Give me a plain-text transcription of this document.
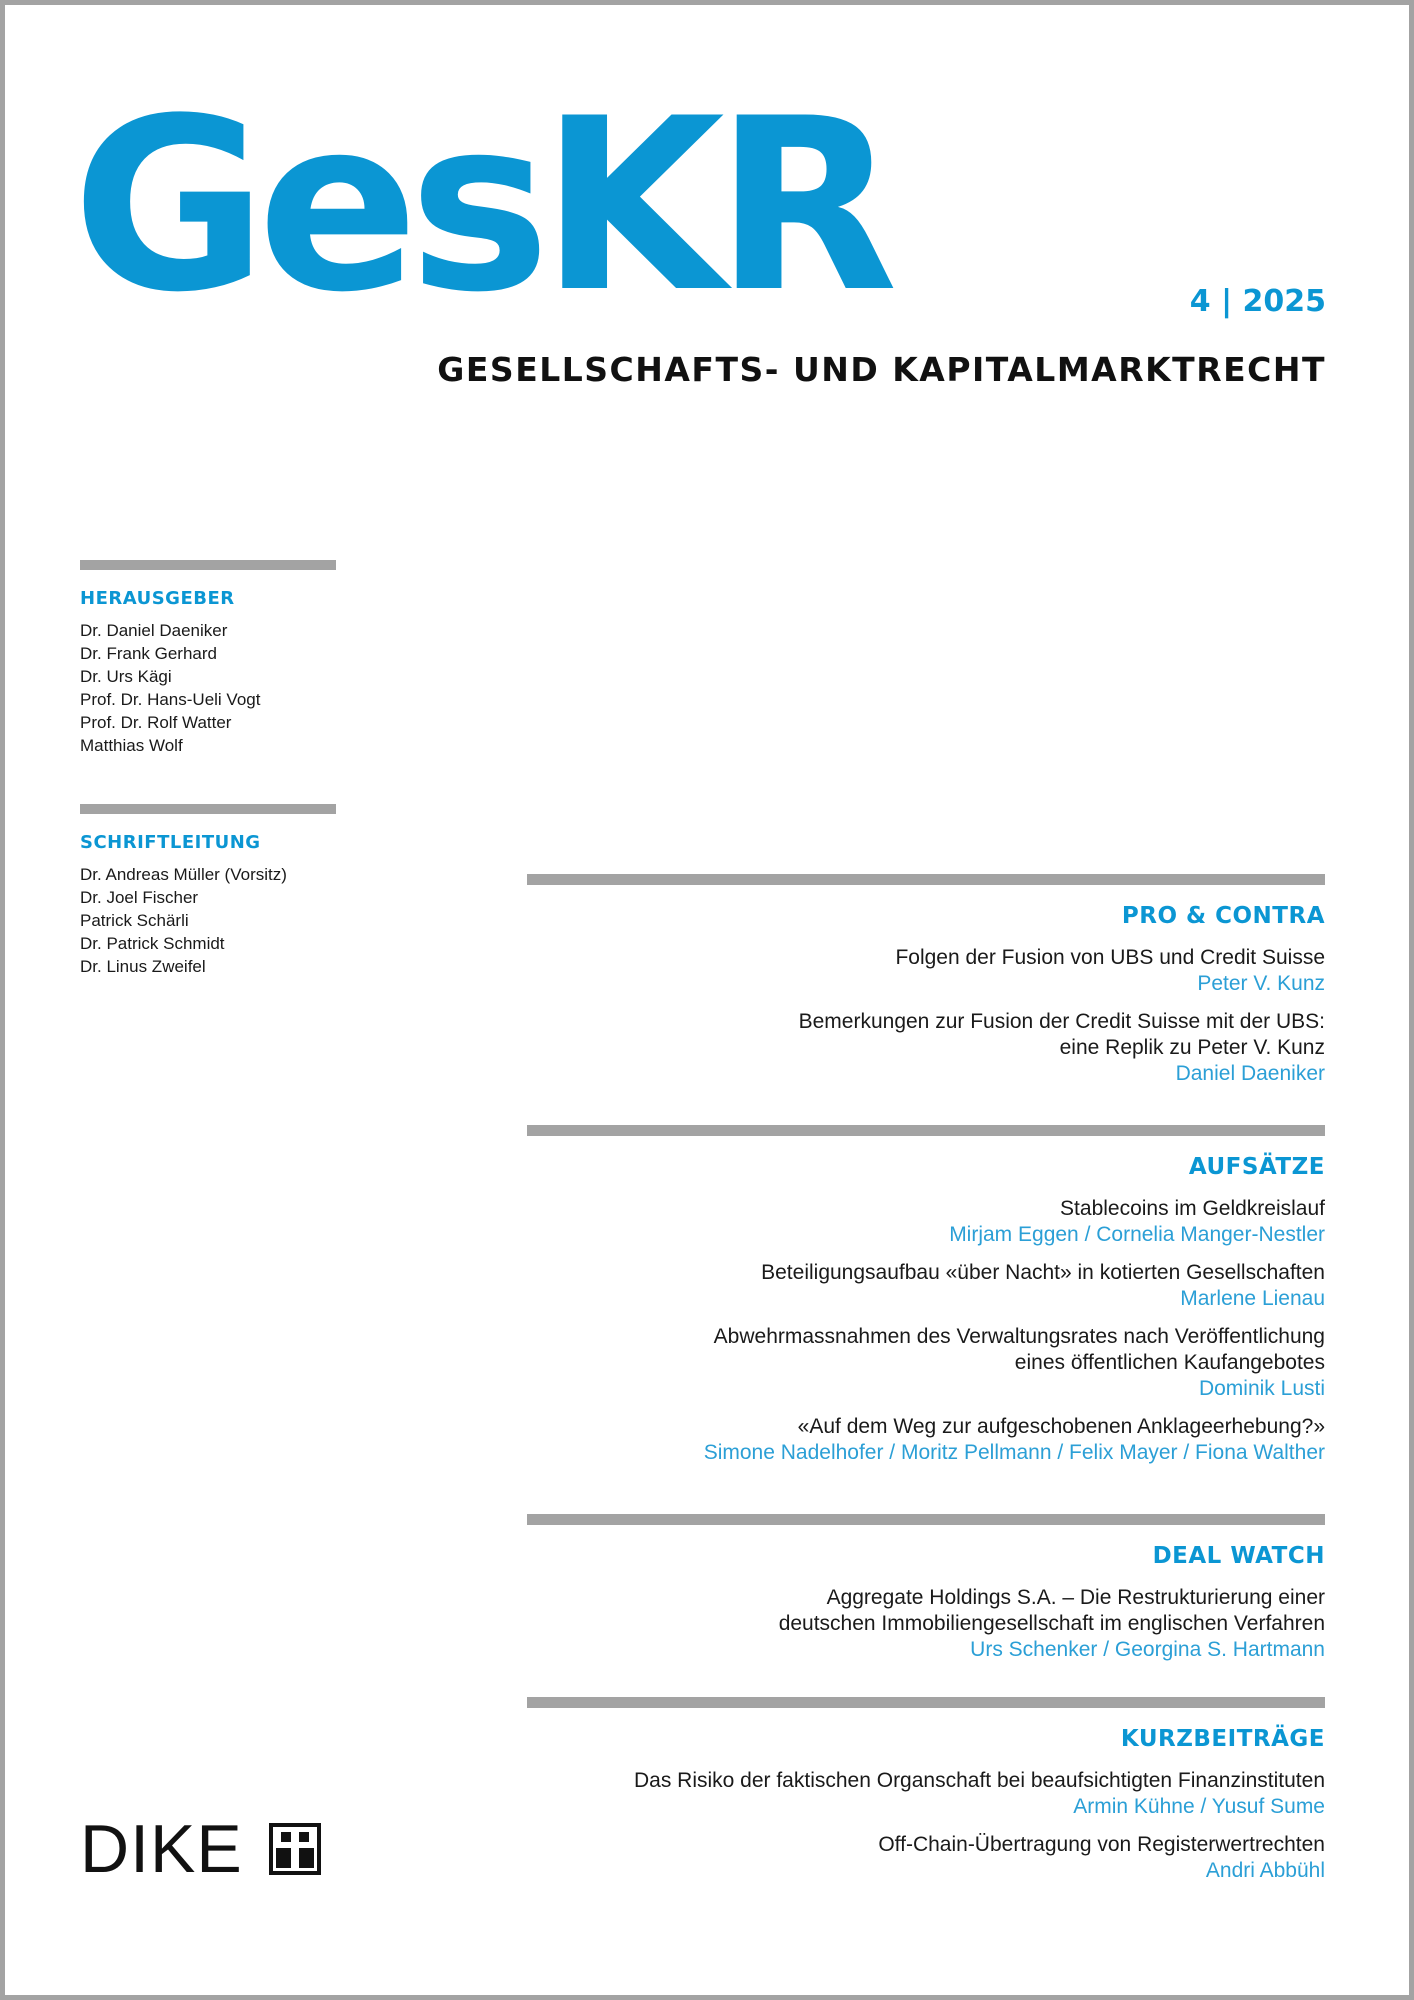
GesKR	4 | 2025
GESELLSCHAFTS- UND KAPITALMARKTRECHT
HERAUSGEBER
Dr. Daniel Daeniker
Dr. Frank Gerhard
Dr. Urs Kägi
Prof. Dr. Hans-Ueli Vogt
Prof. Dr. Rolf Watter
Matthias Wolf
SCHRIFTLEITUNG
Dr. Andreas Müller (Vorsitz)
Dr. Joel Fischer
Patrick Schärli
Dr. Patrick Schmidt
Dr. Linus Zweifel
PRO & CONTRA
Folgen der Fusion von UBS und Credit Suisse
Peter V. Kunz
Bemerkungen zur Fusion der Credit Suisse mit der UBS:
eine Replik zu Peter V. Kunz
Daniel Daeniker
AUFSÄTZE
Stablecoins im Geldkreislauf
Mirjam Eggen / Cornelia Manger-Nestler
Beteiligungsaufbau «über Nacht» in kotierten Gesellschaften
Marlene Lienau
Abwehrmassnahmen des Verwaltungsrates nach Veröffentlichung
eines öffentlichen Kaufangebotes
Dominik Lusti
«Auf dem Weg zur aufgeschobenen Anklageerhebung?»
Simone Nadelhofer / Moritz Pellmann / Felix Mayer / Fiona Walther
DEAL WATCH
Aggregate Holdings S.A. – Die Restrukturierung einer
deutschen Immobiliengesellschaft im englischen Verfahren
Urs Schenker / Georgina S. Hartmann
KURZBEITRÄGE
Das Risiko der faktischen Organschaft bei beaufsichtigten Finanzinstituten
Armin Kühne / Yusuf Sume
Off-Chain-Übertragung von Registerwertrechten
Andri Abbühl
DIKE
